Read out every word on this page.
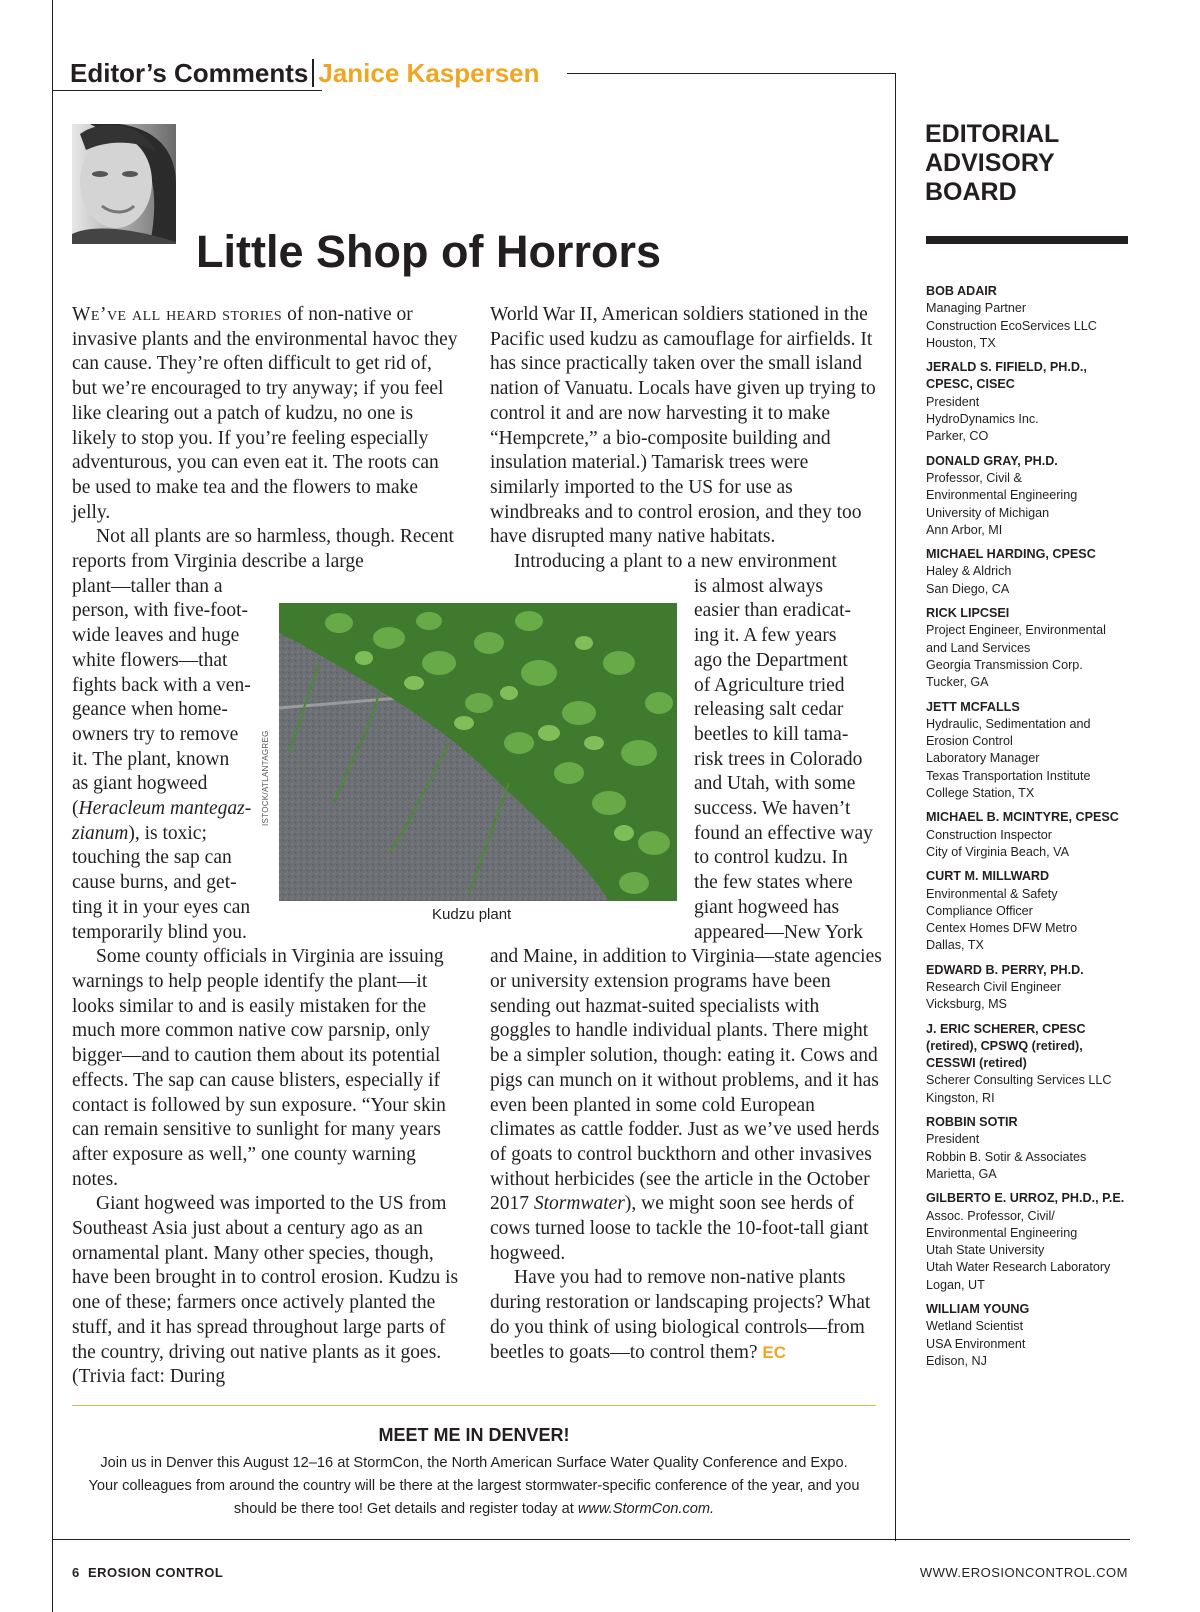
Editor’s Comments Janice Kaspersen
Little Shop of Horrors

We’ve all heard stories of non-native or invasive plants and the environmental havoc they can cause. They’re often difficult to get rid of, but we’re encouraged to try anyway; if you feel like clearing out a patch of kudzu, no one is likely to stop you. If you’re feeling especially adventurous, you can even eat it. The roots can be used to make tea and the flowers to make jelly.

Not all plants are so harmless, though. Recent reports from Virginia describe a large

plant—taller than a
person, with five-foot-
wide leaves and huge
white flowers—that
fights back with a ven-
geance when home-
owners try to remove
it. The plant, known
as giant hogweed
(Heracleum mantegaz-
zianum), is toxic;
touching the sap can
cause burns, and get-
ting it in your eyes can
temporarily blind you.

Some county officials in Virginia are issuing warnings to help people identify the plant—it looks similar to and is easily mistaken for the much more common native cow parsnip, only bigger—and to caution them about its potential effects. The sap can cause blisters, especially if contact is followed by sun exposure. “Your skin can remain sensitive to sunlight for many years after exposure as well,” one county warning notes.

Giant hogweed was imported to the US from Southeast Asia just about a century ago as an ornamental plant. Many other species, though, have been brought in to control erosion. Kudzu is one of these; farmers once actively planted the stuff, and it has spread throughout large parts of the country, driving out native plants as it goes. (Trivia fact: During

World War II, American soldiers stationed in the Pacific used kudzu as camouflage for airfields. It has since practically taken over the small island nation of Vanuatu. Locals have given up trying to control it and are now harvesting it to make “Hempcrete,” a bio-composite building and insulation material.) Tamarisk trees were similarly imported to the US for use as windbreaks and to control erosion, and they too have disrupted many native habitats.

Introducing a plant to a new environment

is almost always
easier than eradicat-
ing it. A few years
ago the Department
of Agriculture tried
releasing salt cedar
beetles to kill tama-
risk trees in Colorado
and Utah, with some
success. We haven’t
found an effective way
to control kudzu. In
the few states where
giant hogweed has
appeared—New York

and Maine, in addition to Virginia—state agencies or university extension programs have been sending out hazmat-suited specialists with goggles to handle individual plants. There might be a simpler solution, though: eating it. Cows and pigs can munch on it without problems, and it has even been planted in some cold European climates as cattle fodder. Just as we’ve used herds of goats to control buckthorn and other invasives without herbicides (see the article in the October 2017 Stormwater), we might soon see herds of cows turned loose to tackle the 10-foot-tall giant hogweed.

Have you had to remove non-native plants during restoration or landscaping projects? What do you think of using biological controls—from beetles to goats—to control them? EC

ISTOCK/ATLANTAGREG
Kudzu plant
EDITORIAL
ADVISORY
BOARD
BOB ADAIR
Managing Partner
Construction EcoServices LLC
Houston, TX
JERALD S. FIFIELD, PH.D.,
CPESC, CISEC
President
HydroDynamics Inc.
Parker, CO
DONALD GRAY, PH.D.
Professor, Civil &
Environmental Engineering
University of Michigan
Ann Arbor, MI
MICHAEL HARDING, CPESC
Haley & Aldrich
San Diego, CA
RICK LIPCSEI
Project Engineer, Environmental
and Land Services
Georgia Transmission Corp.
Tucker, GA
JETT MCFALLS
Hydraulic, Sedimentation and
Erosion Control
Laboratory Manager
Texas Transportation Institute
College Station, TX
MICHAEL B. MCINTYRE, CPESC
Construction Inspector
City of Virginia Beach, VA
CURT M. MILLWARD
Environmental & Safety
Compliance Officer
Centex Homes DFW Metro
Dallas, TX
EDWARD B. PERRY, PH.D.
Research Civil Engineer
Vicksburg, MS
J. ERIC SCHERER, CPESC
(retired), CPSWQ (retired),
CESSWI (retired)
Scherer Consulting Services LLC
Kingston, RI
ROBBIN SOTIR
President
Robbin B. Sotir & Associates
Marietta, GA
GILBERTO E. URROZ, PH.D., P.E.
Assoc. Professor, Civil/
Environmental Engineering
Utah State University
Utah Water Research Laboratory
Logan, UT
WILLIAM YOUNG
Wetland Scientist
USA Environment
Edison, NJ
MEET ME IN DENVER!
Join us in Denver this August 12–16 at StormCon, the North American Surface Water Quality Conference and Expo.
Your colleagues from around the country will be there at the largest stormwater-specific conference of the year, and you
should be there too! Get details and register today at www.StormCon.com.
6 EROSION CONTROL	WWW.EROSIONCONTROL.COM
